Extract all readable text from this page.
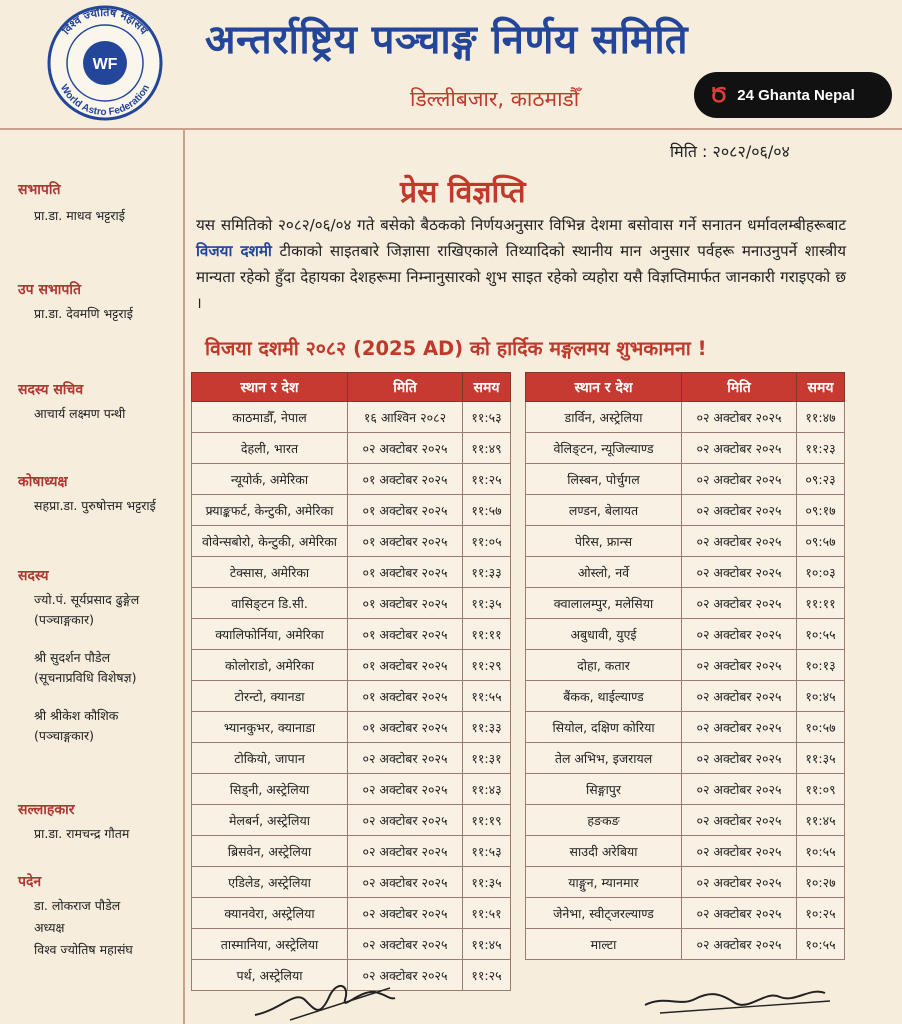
WF
विश्व ज्योतिष महासंघ
World Astro Federation
अन्तर्राष्ट्रिय पञ्चाङ्ग निर्णय समिति
डिल्लीबजार, काठमाडौँ	Ծ 24 Ghanta Nepal
सभापति
प्रा.डा. माधव भट्टराई
उप सभापति
प्रा.डा. देवमणि भट्टराई
सदस्य सचिव
आचार्य लक्ष्मण पन्थी
कोषाध्यक्ष
सहप्रा.डा. पुरुषोत्तम भट्टराई
सदस्य
ज्यो.पं. सूर्यप्रसाद ढुङ्गेल
(पञ्चाङ्गकार)
श्री सुदर्शन पौडेल
(सूचनाप्रविधि विशेषज्ञ)
श्री श्रीकेश कौशिक
(पञ्चाङ्गकार)
सल्लाहकार
प्रा.डा. रामचन्द्र गौतम
पदेन
डा. लोकराज पौडेल
अध्यक्ष
विश्व ज्योतिष महासंघ
मिति : २०८२/०६/०४
प्रेस विज्ञप्ति
यस समितिको २०८२/०६/०४ गते बसेको बैठकको निर्णयअनुसार विभिन्न देशमा बसोवास गर्ने सनातन धर्मावलम्बीहरूबाट विजया दशमी टीकाको साइतबारे जिज्ञासा राखिएकाले तिथ्यादिको स्थानीय मान अनुसार पर्वहरू मनाउनुपर्ने शास्त्रीय मान्यता रहेको हुँदा देहायका देशहरूमा निम्नानुसारको शुभ साइत रहेको व्यहोरा यसै विज्ञप्तिमार्फत जानकारी गराइएको छ ।
विजया दशमी २०८२ (2025 AD) को हार्दिक मङ्गलमय शुभकामना !
स्थान र देश	मिति	समय
काठमाडौँ, नेपाल	१६ आश्विन २०८२	११:५३
देहली, भारत	०२ अक्टोबर २०२५	११:४९
न्यूयोर्क, अमेरिका	०१ अक्टोबर २०२५	११:२५
फ्र्याङ्कफर्ट, केन्टुकी, अमेरिका	०१ अक्टोबर २०२५	११:५७
वोवेन्सबोरो, केन्टुकी, अमेरिका	०१ अक्टोबर २०२५	११:०५
टेक्सास, अमेरिका	०१ अक्टोबर २०२५	११:३३
वासिङ्टन डि.सी.	०१ अक्टोबर २०२५	११:३५
क्यालिफोर्निया, अमेरिका	०१ अक्टोबर २०२५	११:११
कोलोराडो, अमेरिका	०१ अक्टोबर २०२५	११:२९
टोरन्टो, क्यानडा	०१ अक्टोबर २०२५	११:५५
भ्यानकुभर, क्यानाडा	०१ अक्टोबर २०२५	११:३३
टोकियो, जापान	०२ अक्टोबर २०२५	११:३१
सिड्नी, अस्ट्रेलिया	०२ अक्टोबर २०२५	११:४३
मेलबर्न, अस्ट्रेलिया	०२ अक्टोबर २०२५	११:१९
ब्रिसवेन, अस्ट्रेलिया	०२ अक्टोबर २०२५	११:५३
एडिलेड, अस्ट्रेलिया	०२ अक्टोबर २०२५	११:३५
क्यानवेरा, अस्ट्रेलिया	०२ अक्टोबर २०२५	११:५१
तास्मानिया, अस्ट्रेलिया	०२ अक्टोबर २०२५	११:४५
पर्थ, अस्ट्रेलिया	०२ अक्टोबर २०२५	११:२५
स्थान र देश	मिति	समय
डार्विन, अस्ट्रेलिया	०२ अक्टोबर २०२५	११:४७
वेलिङ्टन, न्यूजिल्याण्ड	०२ अक्टोबर २०२५	११:२३
लिस्बन, पोर्चुगल	०२ अक्टोबर २०२५	०९:२३
लण्डन, बेलायत	०२ अक्टोबर २०२५	०९:१७
पेरिस, फ्रान्स	०२ अक्टोबर २०२५	०९:५७
ओस्लो, नर्वे	०२ अक्टोबर २०२५	१०:०३
क्वालालम्पुर, मलेसिया	०२ अक्टोबर २०२५	११:११
अबुधावी, युएई	०२ अक्टोबर २०२५	१०:५५
दोहा, कतार	०२ अक्टोबर २०२५	१०:१३
बैंकक, थाईल्याण्ड	०२ अक्टोबर २०२५	१०:४५
सियोल, दक्षिण कोरिया	०२ अक्टोबर २०२५	१०:५७
तेल अभिभ, इजरायल	०२ अक्टोबर २०२५	११:३५
सिङ्गापुर	०२ अक्टोबर २०२५	११:०९
हङकङ	०२ अक्टोबर २०२५	११:४५
साउदी अरेबिया	०२ अक्टोबर २०२५	१०:५५
याङ्गुन, म्यानमार	०२ अक्टोबर २०२५	१०:२७
जेनेभा, स्वीट्जरल्याण्ड	०२ अक्टोबर २०२५	१०:२५
माल्टा	०२ अक्टोबर २०२५	१०:५५
